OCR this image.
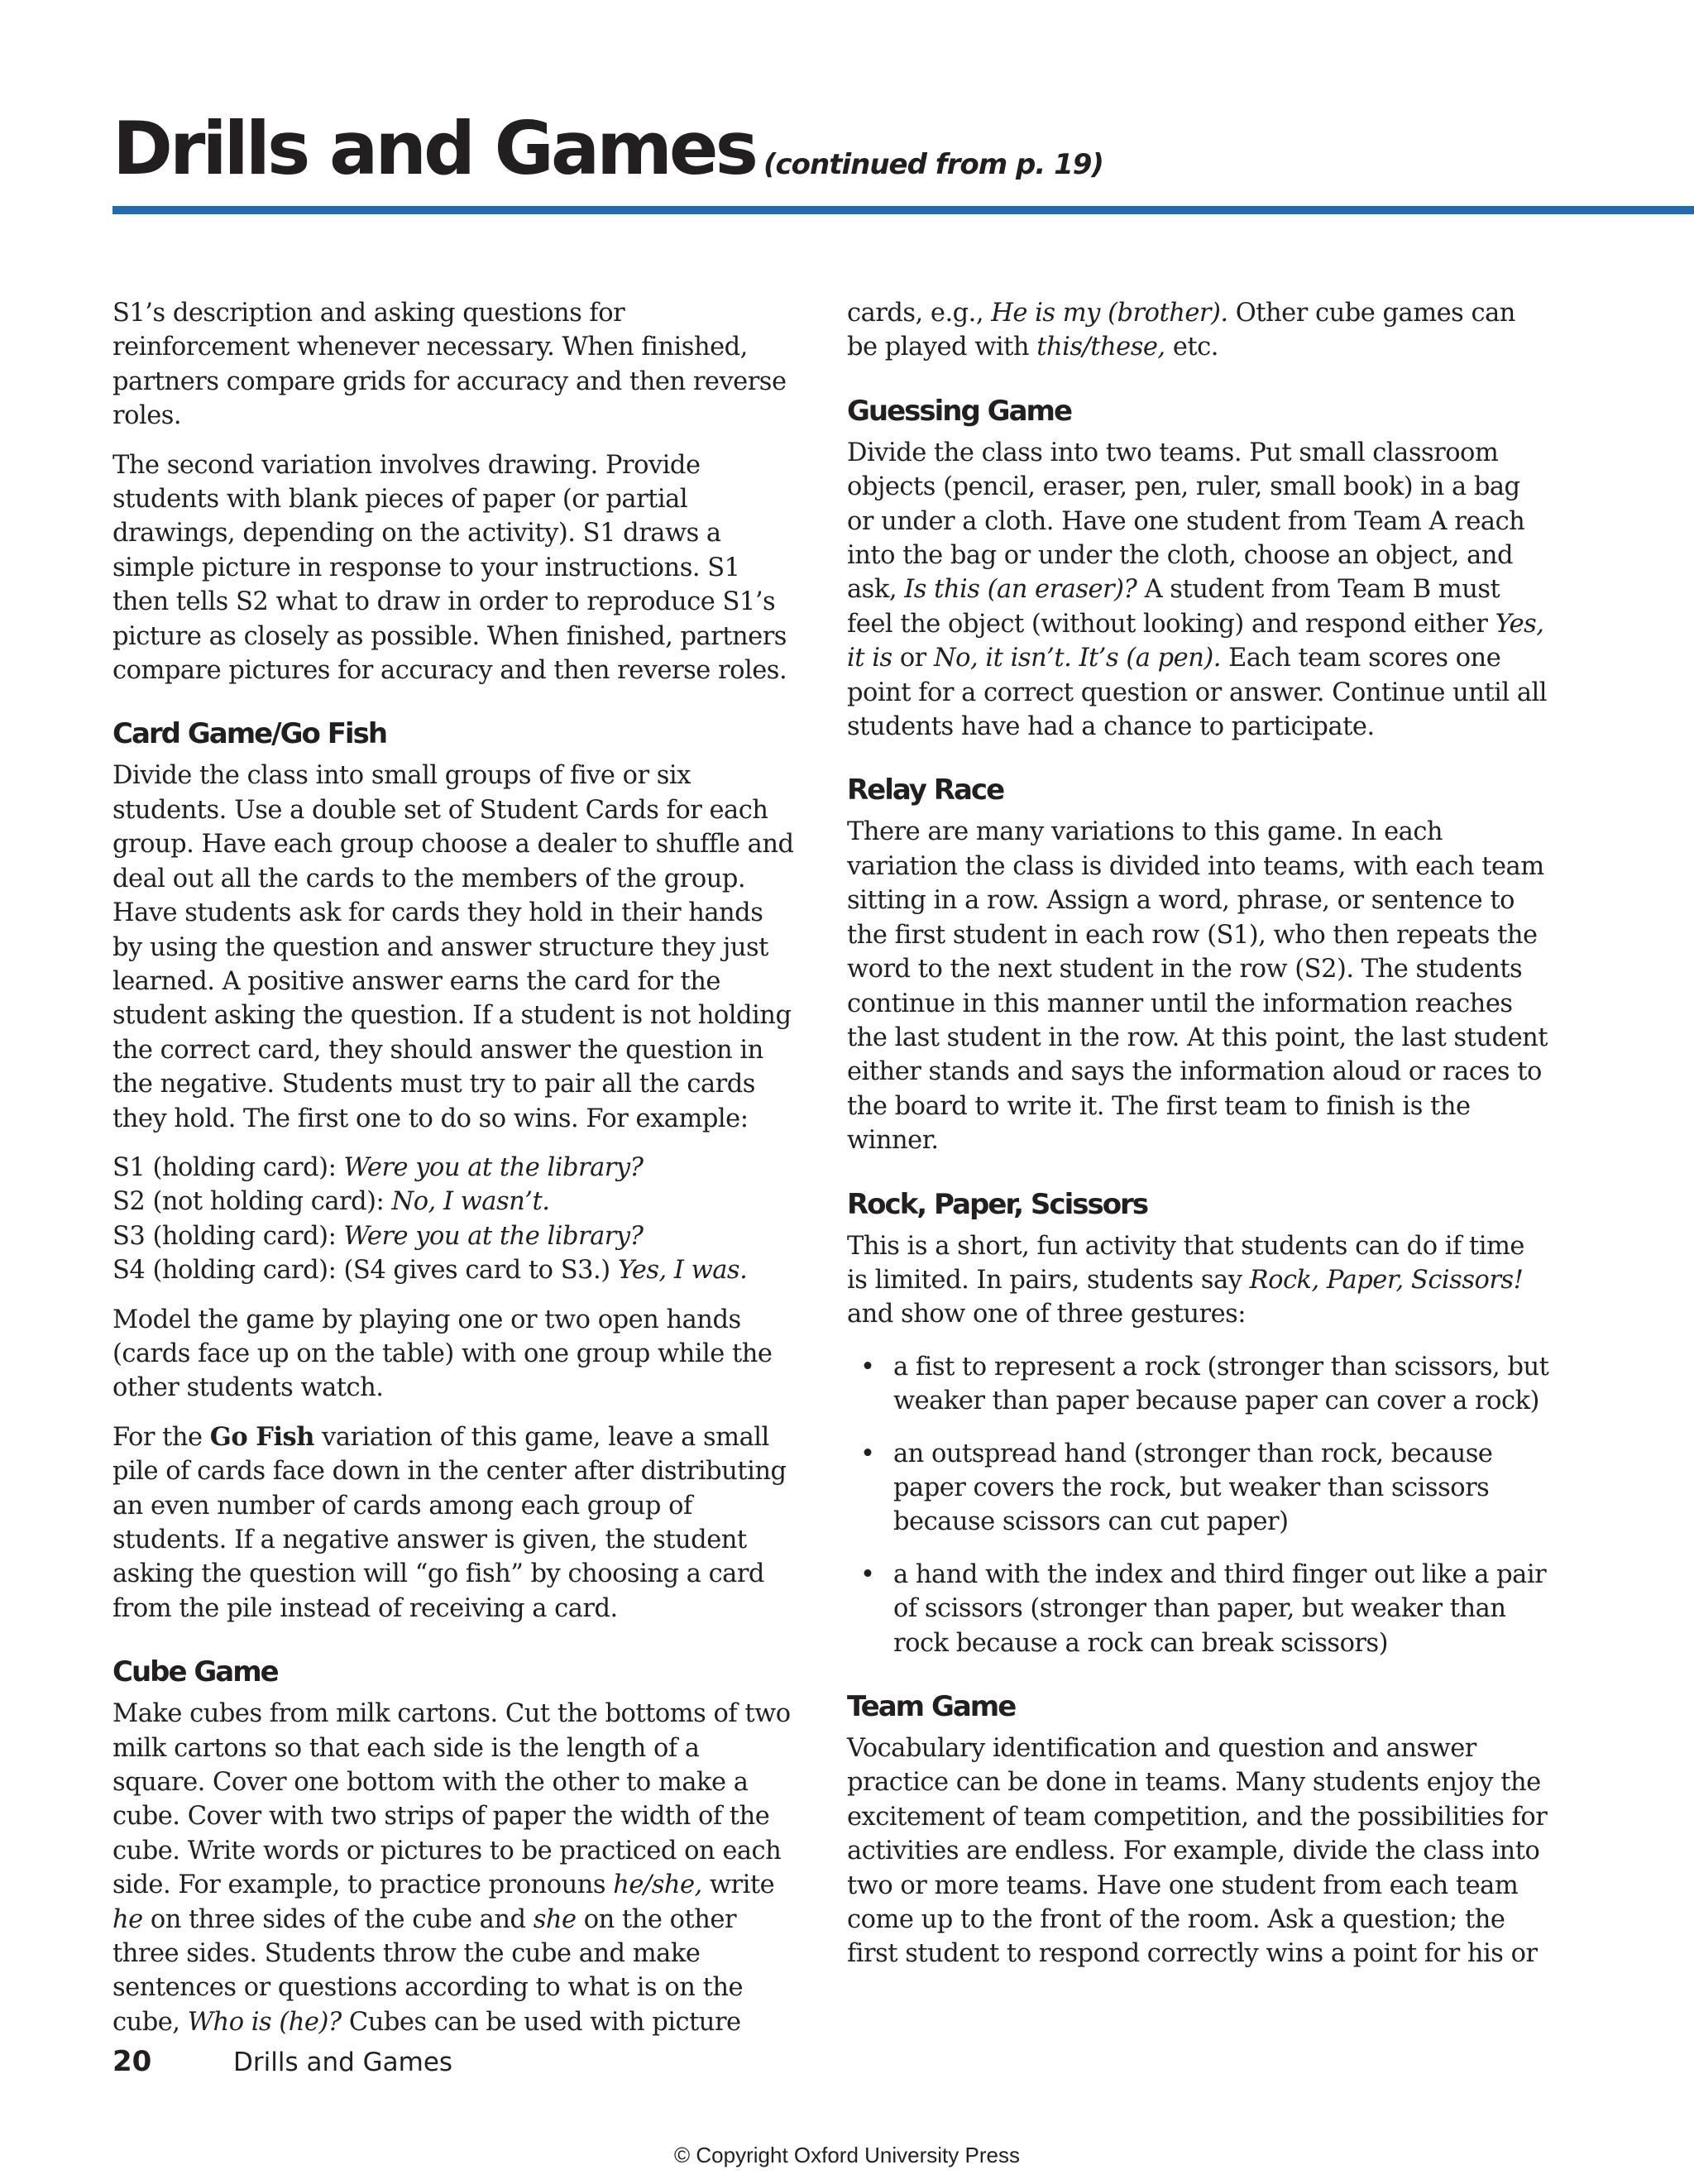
Drills and Games (continued from p. 19)

S1’s description and asking questions for reinforcement whenever necessary. When finished, partners compare grids for accuracy and then reverse roles.

The second variation involves drawing. Provide students with blank pieces of paper (or partial drawings, depending on the activity). S1 draws a simple picture in response to your instructions. S1 then tells S2 what to draw in order to reproduce S1’s picture as closely as possible. When finished, partners compare pictures for accuracy and then reverse roles.

Card Game/Go Fish

Divide the class into small groups of five or six students. Use a double set of Student Cards for each group. Have each group choose a dealer to shuffle and deal out all the cards to the members of the group. Have students ask for cards they hold in their hands by using the question and answer structure they just learned. A positive answer earns the card for the student asking the question. If a student is not holding the correct card, they should answer the question in the negative. Students must try to pair all the cards they hold. The first one to do so wins. For example:

S1 (holding card): Were you at the library?
S2 (not holding card): No, I wasn’t.
S3 (holding card): Were you at the library?
S4 (holding card): (S4 gives card to S3.) Yes, I was.

Model the game by playing one or two open hands (cards face up on the table) with one group while the other students watch.

For the Go Fish variation of this game, leave a small pile of cards face down in the center after distributing an even number of cards among each group of students. If a negative answer is given, the student asking the question will “go fish” by choosing a card from the pile instead of receiving a card.

Cube Game

Make cubes from milk cartons. Cut the bottoms of two milk cartons so that each side is the length of a square. Cover one bottom with the other to make a cube. Cover with two strips of paper the width of the cube. Write words or pictures to be practiced on each side. For example, to practice pronouns he/she, write he on three sides of the cube and she on the other three sides. Students throw the cube and make sentences or questions according to what is on the cube, Who is (he)? Cubes can be used with picture

cards, e.g., He is my (brother). Other cube games can be played with this/these, etc.

Guessing Game

Divide the class into two teams. Put small classroom objects (pencil, eraser, pen, ruler, small book) in a bag or under a cloth. Have one student from Team A reach into the bag or under the cloth, choose an object, and ask, Is this (an eraser)? A student from Team B must feel the object (without looking) and respond either Yes, it is or No, it isn’t. It’s (a pen). Each team scores one point for a correct question or answer. Continue until all students have had a chance to participate.

Relay Race

There are many variations to this game. In each variation the class is divided into teams, with each team sitting in a row. Assign a word, phrase, or sentence to the first student in each row (S1), who then repeats the word to the next student in the row (S2). The students continue in this manner until the information reaches the last student in the row. At this point, the last student either stands and says the information aloud or races to the board to write it. The first team to finish is the winner.

Rock, Paper, Scissors

This is a short, fun activity that students can do if time is limited. In pairs, students say Rock, Paper, Scissors! and show one of three gestures:

• a fist to represent a rock (stronger than scissors, but weaker than paper because paper can cover a rock)
• an outspread hand (stronger than rock, because paper covers the rock, but weaker than scissors because scissors can cut paper)
• a hand with the index and third finger out like a pair of scissors (stronger than paper, but weaker than rock because a rock can break scissors)
Team Game

Vocabulary identification and question and answer practice can be done in teams. Many students enjoy the excitement of team competition, and the possibilities for activities are endless. For example, divide the class into two or more teams. Have one student from each team come up to the front of the room. Ask a question; the first student to respond correctly wins a point for his or

20	Drills and Games
© Copyright Oxford University Press
